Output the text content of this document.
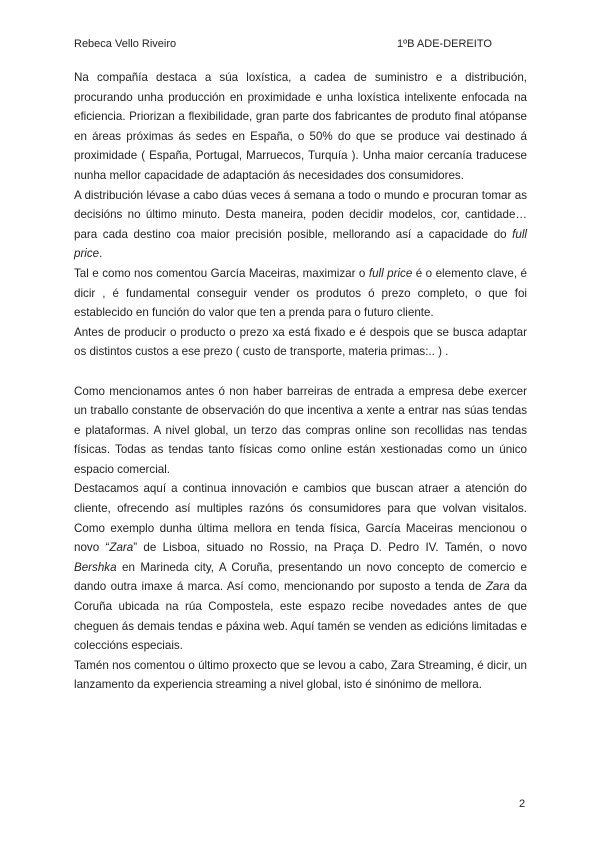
Rebeca Vello Riveiro	1ºB ADE-DEREITO

Na compañía destaca a súa loxística, a cadea de suministro e a distribución, procurando unha producción en proximidade e unha loxística intelixente enfocada na eficiencia. Priorizan a flexibilidade, gran parte dos fabricantes de produto final atópanse en áreas próximas ás sedes en España, o 50% do que se produce vai destinado á proximidade ( España, Portugal, Marruecos, Turquía ). Unha maior cercanía traducese nunha mellor capacidade de adaptación ás necesidades dos consumidores.

A distribución lévase a cabo dúas veces á semana a todo o mundo e procuran tomar as decisións no último minuto. Desta maneira, poden decidir modelos, cor, cantidade… para cada destino coa maior precisión posible, mellorando así a capacidade do full price.

Tal e como nos comentou García Maceiras, maximizar o full price é o elemento clave, é dicir , é fundamental conseguir vender os produtos ó prezo completo, o que foi establecido en función do valor que ten a prenda para o futuro cliente.

Antes de producir o producto o prezo xa está fixado e é despois que se busca adaptar os distintos custos a ese prezo ( custo de transporte, materia primas:.. ) .

Como mencionamos antes ó non haber barreiras de entrada a empresa debe exercer un traballo constante de observación do que incentiva a xente a entrar nas súas tendas e plataformas. A nivel global, un terzo das compras online son recollidas nas tendas físicas. Todas as tendas tanto físicas como online están xestionadas como un único espacio comercial.

Destacamos aquí a continua innovación e cambios que buscan atraer a atención do cliente, ofrecendo así multiples razóns ós consumidores para que volvan visitalos. Como exemplo dunha última mellora en tenda física, García Maceiras mencionou o novo “Zara” de Lisboa, situado no Rossio, na Praça D. Pedro IV. Tamén, o novo Bershka en Marineda city, A Coruña, presentando un novo concepto de comercio e dando outra imaxe á marca. Así como, mencionando por suposto a tenda de Zara da Coruña ubicada na rúa Compostela, este espazo recibe novedades antes de que cheguen ás demais tendas e páxina web. Aquí tamén se venden as edicións limitadas e coleccións especiais.

Tamén nos comentou o último proxecto que se levou a cabo, Zara Streaming, é dicir, un lanzamento da experiencia streaming a nivel global, isto é sinónimo de mellora.

2
